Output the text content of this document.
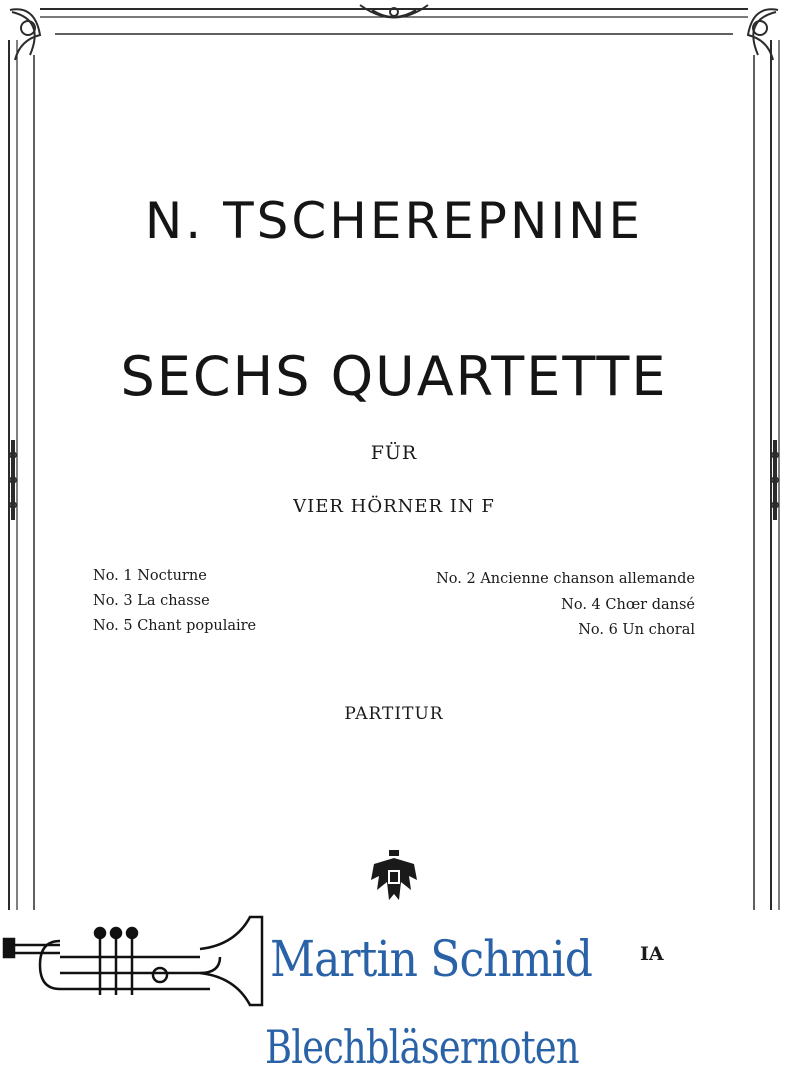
N. TSCHEREPNINE
SECHS QUARTETTE
FÜR
VIER HÖRNER IN F
No. 1 Nocturne
No. 3 La chasse
No. 5 Chant populaire
No. 2 Ancienne chanson allemande
No. 4 Chœr dansé
No. 6 Un choral
PARTITUR
IA
Martin Schmid
Blechbläsernoten
